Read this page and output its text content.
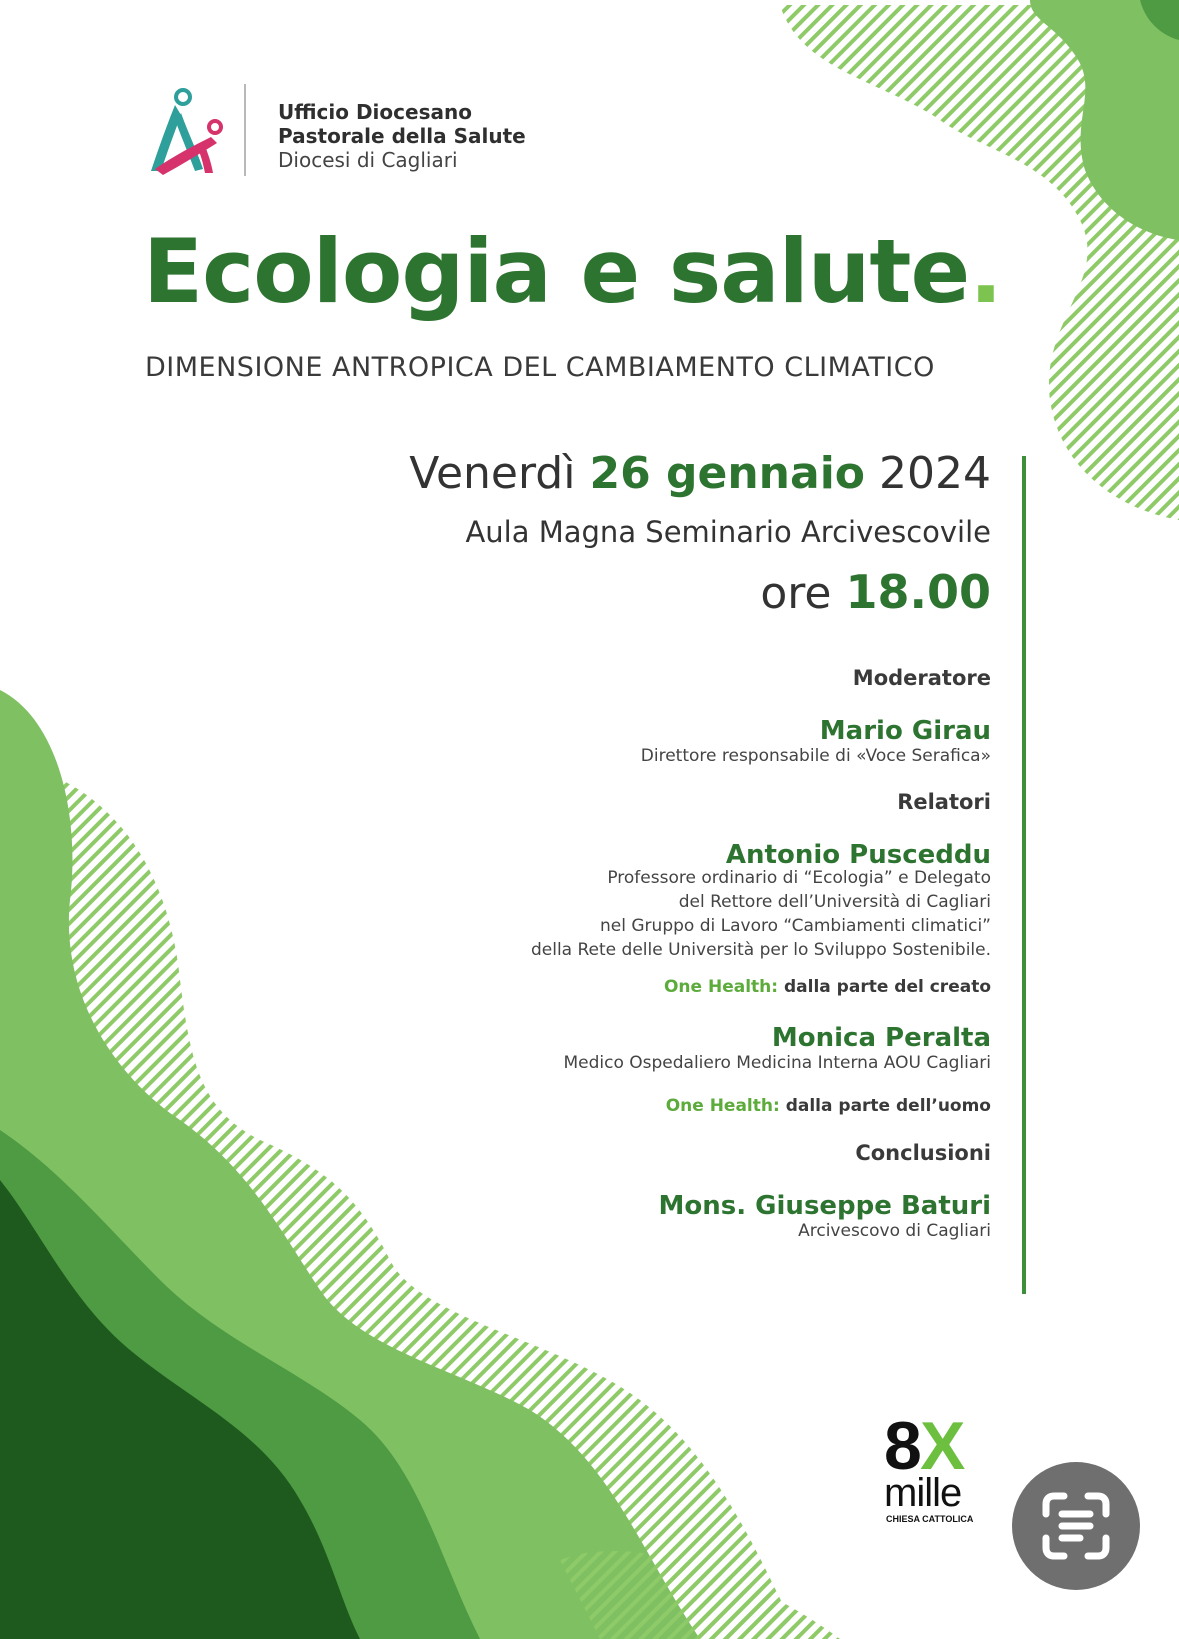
Ufficio Diocesano
Pastorale della Salute
Diocesi di Cagliari
Ecologia e salute.
DIMENSIONE ANTROPICA DEL CAMBIAMENTO CLIMATICO
Venerdì 26 gennaio 2024
Aula Magna Seminario Arcivescovile
ore 18.00
Moderatore
Mario Girau
Direttore responsabile di «Voce Serafica»
Relatori
Antonio Pusceddu
Professore ordinario di “Ecologia” e Delegato
del Rettore dell’Università di Cagliari
nel Gruppo di Lavoro “Cambiamenti climatici”
della Rete delle Università per lo Sviluppo Sostenibile.
One Health: dalla parte del creato
Monica Peralta
Medico Ospedaliero Medicina Interna AOU Cagliari
One Health: dalla parte dell’uomo
Conclusioni
Mons. Giuseppe Baturi
Arcivescovo di Cagliari
8
X
mille
CHIESA CATTOLICA
